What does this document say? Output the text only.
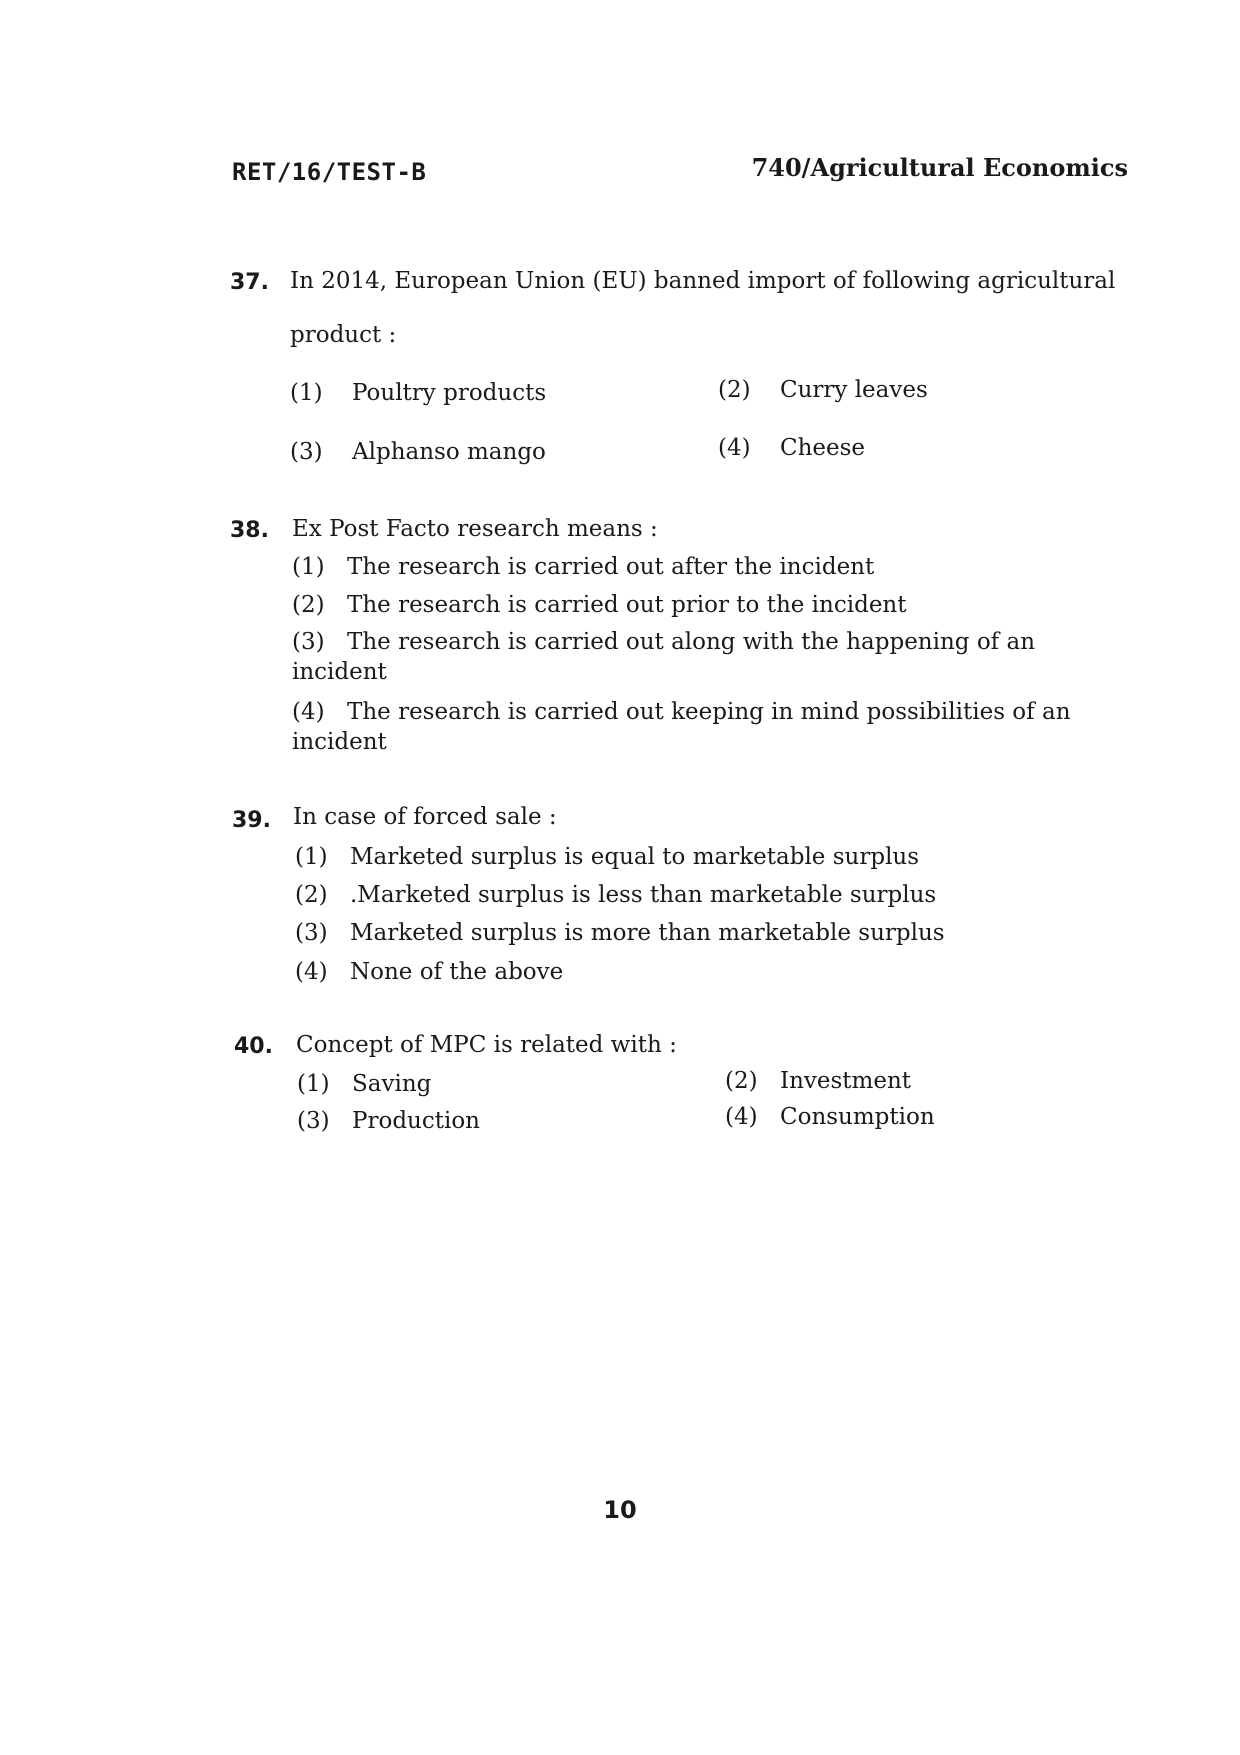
RET/16/TEST-B	740/Agricultural Economics
37. In 2014, European Union (EU) banned import of following agricultural
product :
(1) Poultry products	(2) Curry leaves
(3) Alphanso mango	(4) Cheese
38. Ex Post Facto research means :
(1) The research is carried out after the incident
(2) The research is carried out prior to the incident
(3) The research is carried out along with the happening of an incident
(4) The research is carried out keeping in mind possibilities of an incident
39. In case of forced sale :
(1) Marketed surplus is equal to marketable surplus
(2) .Marketed surplus is less than marketable surplus
(3) Marketed surplus is more than marketable surplus
(4) None of the above
40. Concept of MPC is related with :
(1) Saving	(2) Investment
(3) Production	(4) Consumption
10
